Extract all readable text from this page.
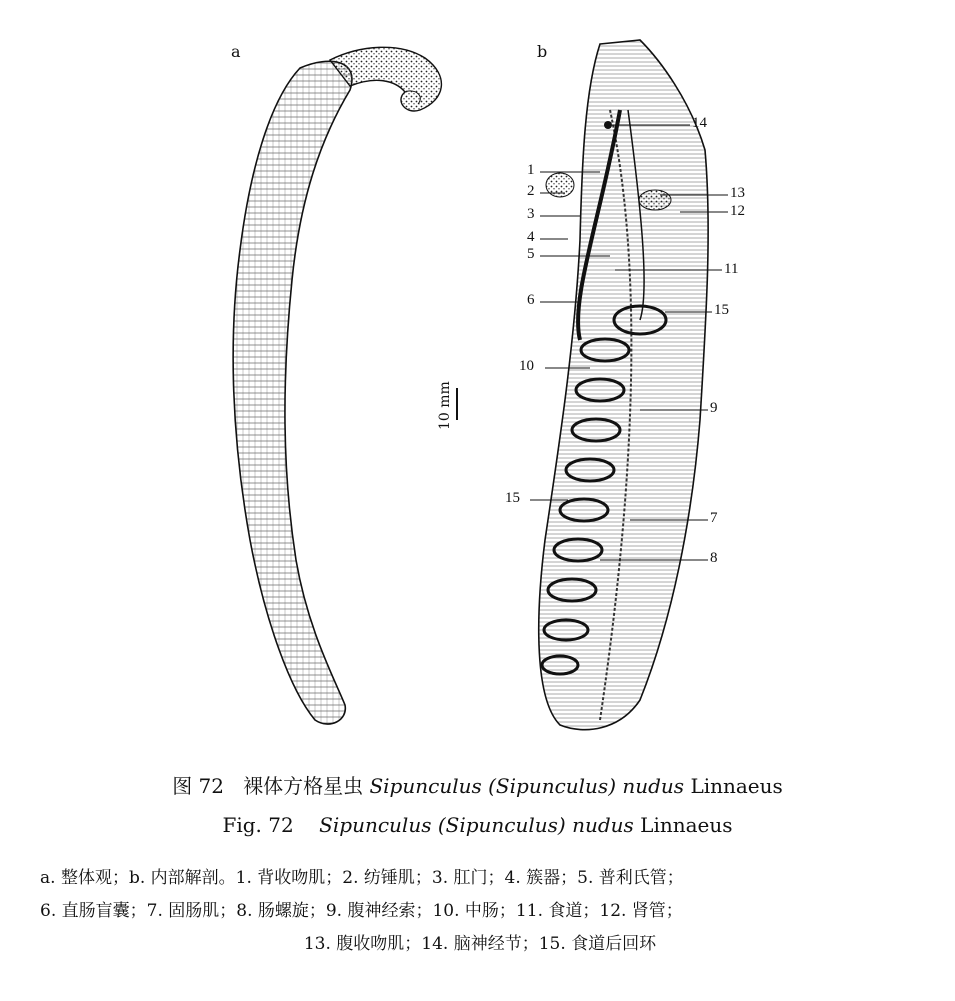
a	b
10 mm
1
2
3
4
5
6
10
15
14
13
12
11
15
9
7
8
图 72 裸体方格星虫 Sipunculus (Sipunculus) nudus Linnaeus
Fig. 72 Sipunculus (Sipunculus) nudus Linnaeus
a. 整体观；b. 内部解剖。1. 背收吻肌；2. 纺锤肌；3. 肛门；4. 簇器；5. 普利氏管；
6. 直肠盲囊；7. 固肠肌；8. 肠螺旋；9. 腹神经索；10. 中肠；11. 食道；12. 肾管；
13. 腹收吻肌；14. 脑神经节；15. 食道后回环
